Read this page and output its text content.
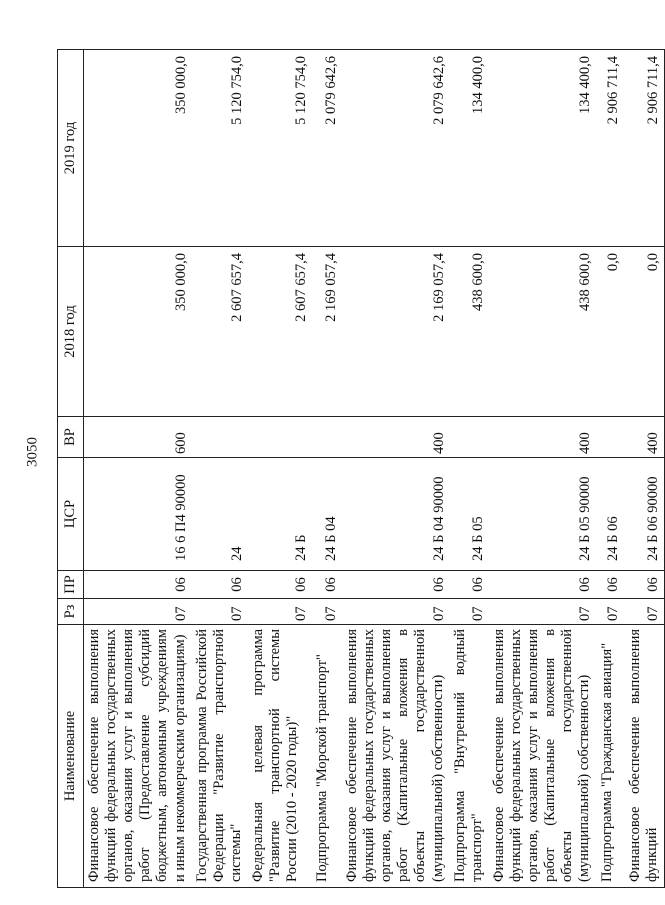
3050
Наименование	Рз	ПР	ЦСР	ВР	2018 год	2019 год
Финансовое обеспечение выполнения функций федеральных государственных органов, оказания услуг и выполнения работ (Предоставление субсидий бюджетным, автономным учреждениям и иным некоммерческим организациям)	07	06	16 6 П4 90000	600	350 000,0	350 000,0
Государственная программа Российской Федерации "Развитие транспортной системы"	07	06	24		2 607 657,4	5 120 754,0
Федеральная целевая программа "Развитие транспортной системы России (2010 - 2020 годы)"	07	06	24 Б		2 607 657,4	5 120 754,0
Подпрограмма "Морской транспорт"	07	06	24 Б 04		2 169 057,4	2 079 642,6
Финансовое обеспечение выполнения функций федеральных государственных органов, оказания услуг и выполнения работ (Капитальные вложения в объекты государственной (муниципальной) собственности)	07	06	24 Б 04 90000	400	2 169 057,4	2 079 642,6
Подпрограмма "Внутренний водный транспорт"	07	06	24 Б 05		438 600,0	134 400,0
Финансовое обеспечение выполнения функций федеральных государственных органов, оказания услуг и выполнения работ (Капитальные вложения в объекты государственной (муниципальной) собственности)	07	06	24 Б 05 90000	400	438 600,0	134 400,0
Подпрограмма "Гражданская авиация"	07	06	24 Б 06		0,0	2 906 711,4
Финансовое обеспечение выполнения функций	07	06	24 Б 06 90000	400	0,0	2 906 711,4
